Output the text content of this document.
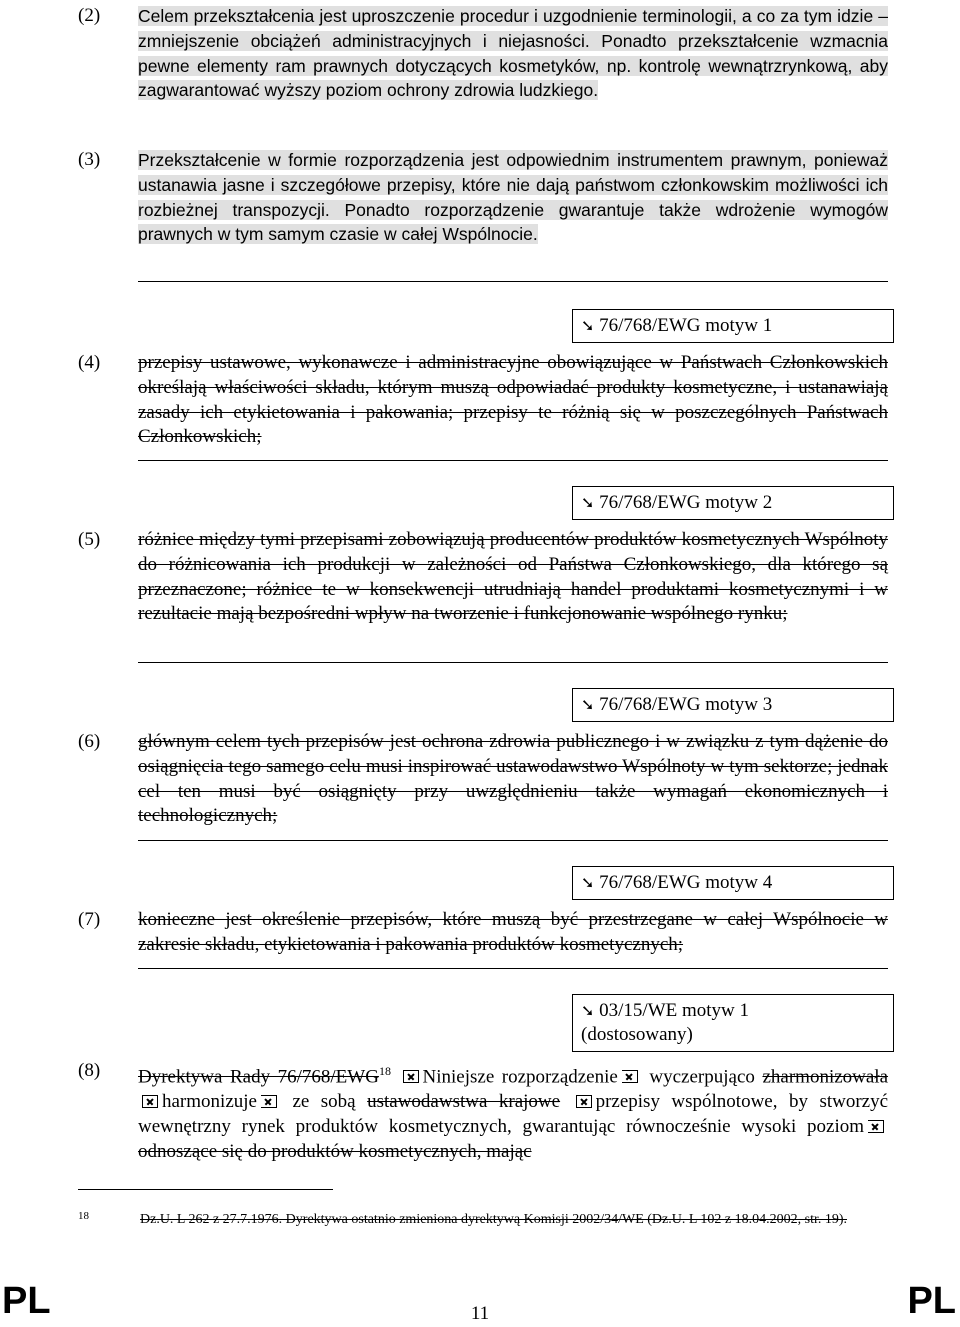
(2) Celem przekształcenia jest uproszczenie procedur i uzgodnienie terminologii, a co za tym idzie – zmniejszenie obciążeń administracyjnych i niejasności. Ponadto przekształcenie wzmacnia pewne elementy ram prawnych dotyczących kosmetyków, np. kontrolę wewnątrzrynkową, aby zagwarantować wyższy poziom ochrony zdrowia ludzkiego.
(3) Przekształcenie w formie rozporządzenia jest odpowiednim instrumentem prawnym, ponieważ ustanawia jasne i szczegółowe przepisy, które nie dają państwom członkowskim możliwości ich rozbieżnej transpozycji. Ponadto rozporządzenie gwarantuje także wdrożenie wymogów prawnych w tym samym czasie w całej Wspólnocie.
➘ 76/768/EWG motyw 1
(4) przepisy ustawowe, wykonawcze i administracyjne obowiązujące w Państwach Członkowskich określają właściwości składu, którym muszą odpowiadać produkty kosmetyczne, i ustanawiają zasady ich etykietowania i pakowania; przepisy te różnią się w poszczególnych Państwach Członkowskich;
➘ 76/768/EWG motyw 2
(5) różnice między tymi przepisami zobowiązują producentów produktów kosmetycznych Wspólnoty do różnicowania ich produkcji w zależności od Państwa Członkowskiego, dla którego są przeznaczone; różnice te w konsekwencji utrudniają handel produktami kosmetycznymi i w rezultacie mają bezpośredni wpływ na tworzenie i funkcjonowanie wspólnego rynku;
➘ 76/768/EWG motyw 3
(6) głównym celem tych przepisów jest ochrona zdrowia publicznego i w związku z tym dążenie do osiągnięcia tego samego celu musi inspirować ustawodawstwo Wspólnoty w tym sektorze; jednak cel ten musi być osiągnięty przy uwzględnieniu także wymagań ekonomicznych i technologicznych;
➘ 76/768/EWG motyw 4
(7) konieczne jest określenie przepisów, które muszą być przestrzegane w całej Wspólnocie w zakresie składu, etykietowania i pakowania produktów kosmetycznych;
➘ 03/15/WE motyw 1
(dostosowany)
(8) Dyrektywa Rady 76/768/EWG$^{18}$ Niniejsze rozporządzenie wyczerpująco zharmonizowała harmonizuje ze sobą ustawodawstwa krajowe przepisy wspólnotowe, by stworzyć wewnętrzny rynek produktów kosmetycznych, gwarantując równocześnie wysoki poziom odnoszące się do produktów kosmetycznych, mając
18	Dz.U. L 262 z 27.7.1976. Dyrektywa ostatnio zmieniona dyrektywą Komisji 2002/34/WE (Dz.U. L 102 z 18.04.2002, str. 19).
PL	11	PL
